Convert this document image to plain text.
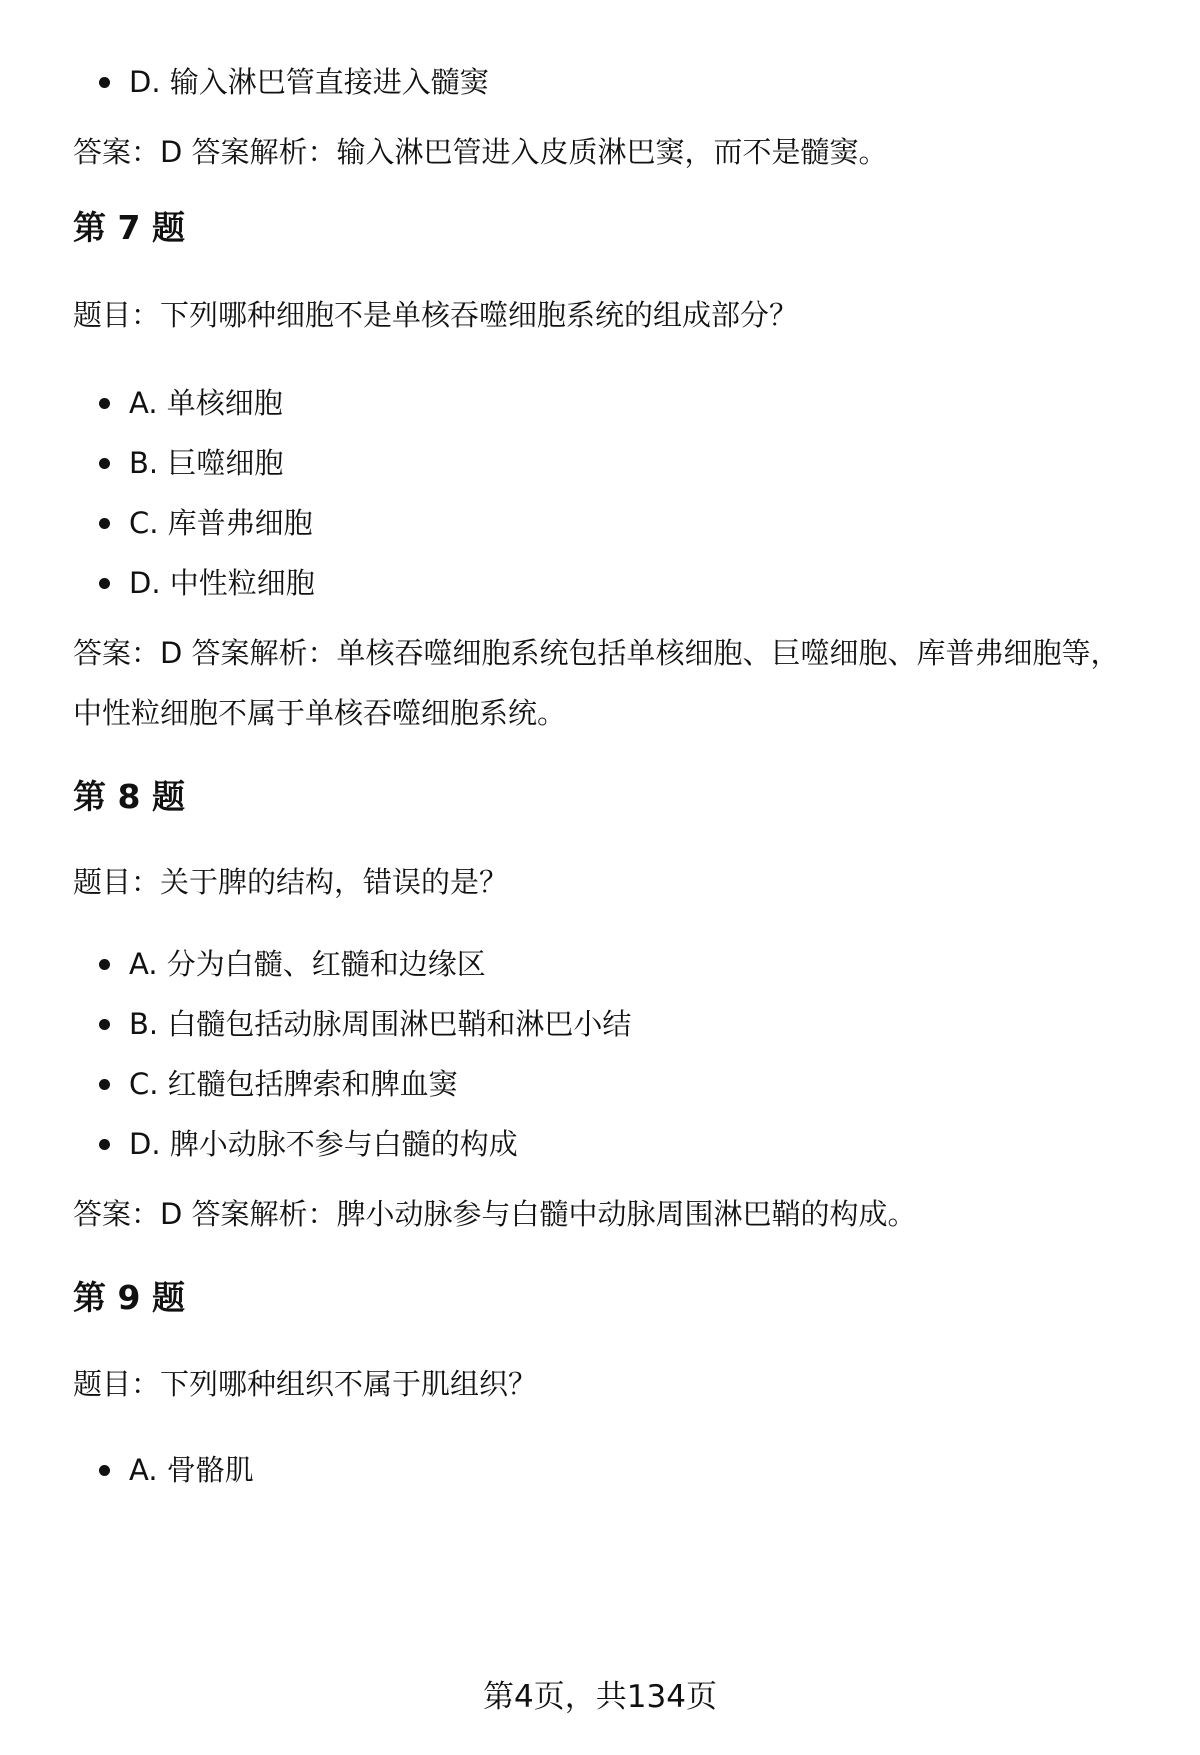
D. 输入淋巴管直接进入髓窦

答案：D 答案解析：输入淋巴管进入皮质淋巴窦，而不是髓窦。

第 7 题

题目：下列哪种细胞不是单核吞噬细胞系统的组成部分？

A. 单核细胞
B. 巨噬细胞
C. 库普弗细胞
D. 中性粒细胞

答案：D 答案解析：单核吞噬细胞系统包括单核细胞、巨噬细胞、库普弗细胞等，

中性粒细胞不属于单核吞噬细胞系统。

第 8 题

题目：关于脾的结构，错误的是？

A. 分为白髓、红髓和边缘区
B. 白髓包括动脉周围淋巴鞘和淋巴小结
C. 红髓包括脾索和脾血窦
D. 脾小动脉不参与白髓的构成

答案：D 答案解析：脾小动脉参与白髓中动脉周围淋巴鞘的构成。

第 9 题

题目：下列哪种组织不属于肌组织？

A. 骨骼肌
第4页，共134页
